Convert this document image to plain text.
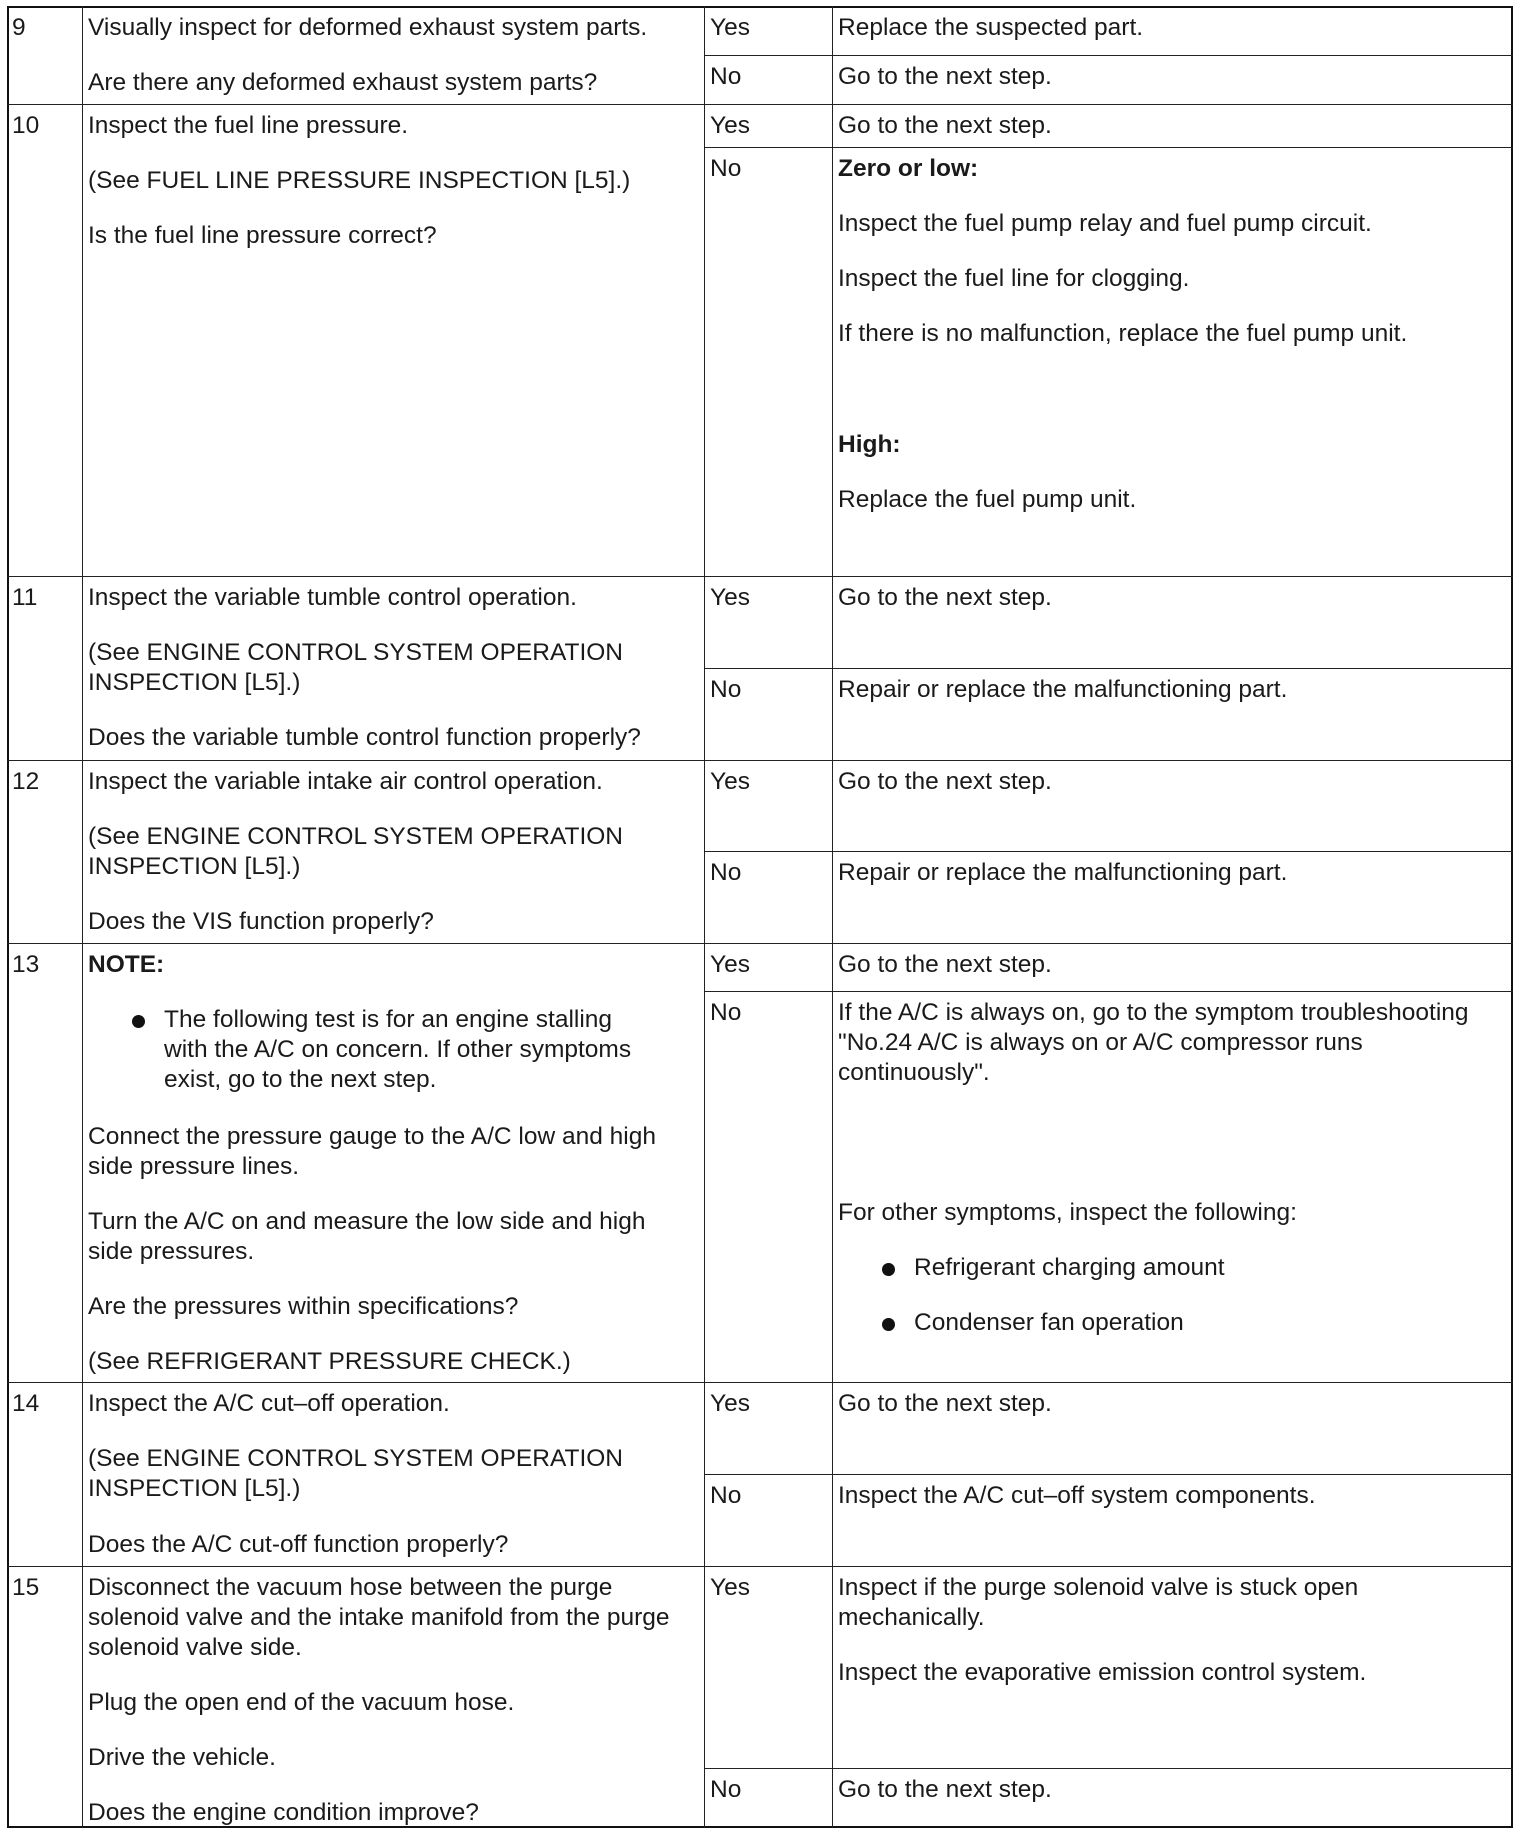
9	Visually inspect for deformed exhaust system parts.
Are there any deformed exhaust system parts?
Yes	Replace the suspected part.
No	Go to the next step.
10 Inspect the fuel line pressure.
(See FUEL LINE PRESSURE INSPECTION [L5].)
Is the fuel line pressure correct?
Yes	Go to the next step.
No	Zero or low:
Inspect the fuel pump relay and fuel pump circuit.
Inspect the fuel line for clogging.
If there is no malfunction, replace the fuel pump unit.
High:
Replace the fuel pump unit.
11 Inspect the variable tumble control operation.
(See ENGINE CONTROL SYSTEM OPERATION
INSPECTION [L5].)
Does the variable tumble control function properly?
Yes	Go to the next step.
No	Repair or replace the malfunctioning part.
12 Inspect the variable intake air control operation.
(See ENGINE CONTROL SYSTEM OPERATION
INSPECTION [L5].)
Does the VIS function properly?
Yes	Go to the next step.
No	Repair or replace the malfunctioning part.
13 NOTE:
The following test is for an engine stalling
with the A/C on concern. If other symptoms
exist, go to the next step.
Connect the pressure gauge to the A/C low and high
side pressure lines.
Turn the A/C on and measure the low side and high
side pressures.
Are the pressures within specifications?
(See REFRIGERANT PRESSURE CHECK.)
Yes	Go to the next step.
No	If the A/C is always on, go to the symptom troubleshooting
"No.24 A/C is always on or A/C compressor runs
continuously".
For other symptoms, inspect the following:
Refrigerant charging amount
Condenser fan operation
14 Inspect the A/C cut–off operation.
(See ENGINE CONTROL SYSTEM OPERATION
INSPECTION [L5].)
Does the A/C cut-off function properly?
Yes	Go to the next step.
No	Inspect the A/C cut–off system components.
15 Disconnect the vacuum hose between the purge
solenoid valve and the intake manifold from the purge
solenoid valve side.
Plug the open end of the vacuum hose.
Drive the vehicle.
Does the engine condition improve?
Yes	Inspect if the purge solenoid valve is stuck open
mechanically.
Inspect the evaporative emission control system.
No	Go to the next step.
